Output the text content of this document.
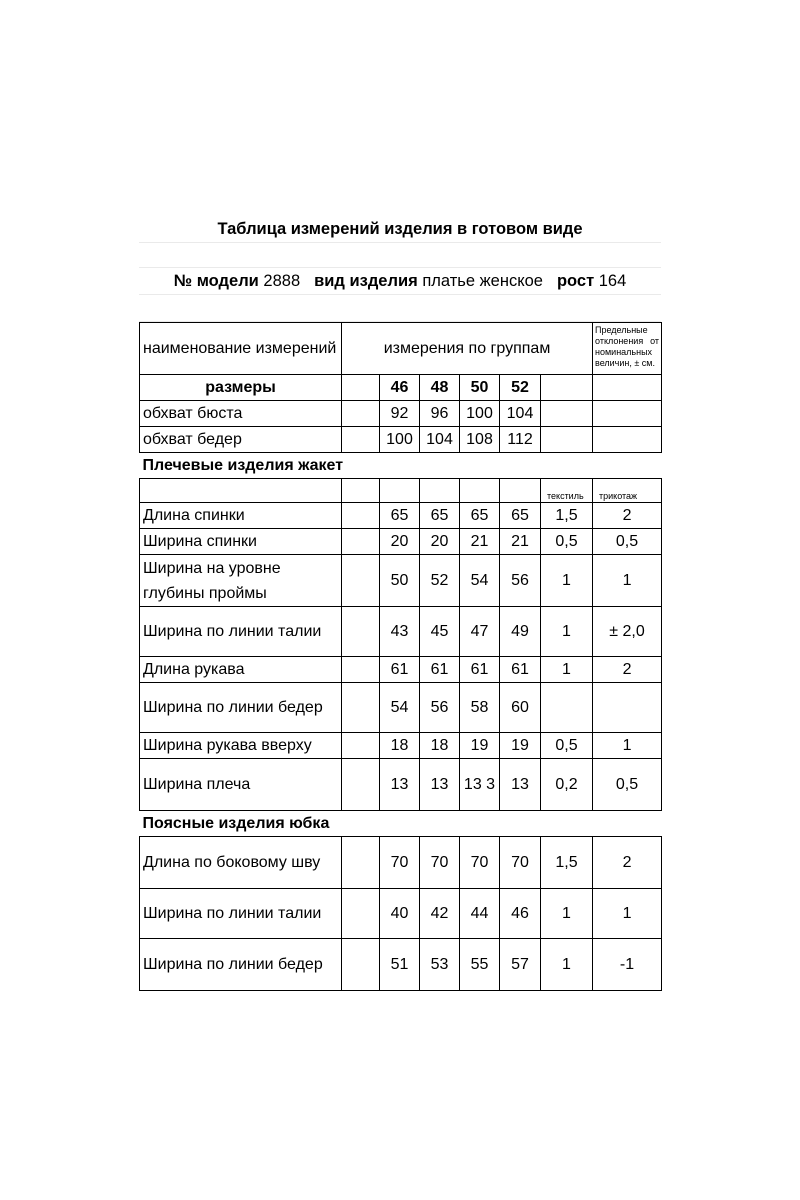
Таблица измерений изделия в готовом виде
№ модели
2888 вид изделия
платье женское рост
164
наименование измерений	измерения по группам						Предельные отклонения от номинальных величин, ± см.
размеры		46	48	50	52		
обхват бюста		92	96	100	104		
обхват бедер		100	104	108	112		
Плечевые изделия жакет							
						текстиль	трикотаж
Длина спинки		65	65	65	65	1,5	2
Ширина спинки		20	20	21	21	0,5	0,5
Ширина на уровне глубины проймы		50	52	54	56	1	1
Ширина по линии талии		43	45	47	49	1	± 2,0
Длина рукава		61	61	61	61	1	2
Ширина по линии бедер		54	56	58	60		
Ширина рукава вверху		18	18	19	19	0,5	1
Ширина плеча		13	13	13 3	13	0,2	0,5
Поясные изделия юбка							
Длина по боковому шву		70	70	70	70	1,5	2
Ширина по линии талии		40	42	44	46	1	1
Ширина по линии бедер		51	53	55	57	1	-1
